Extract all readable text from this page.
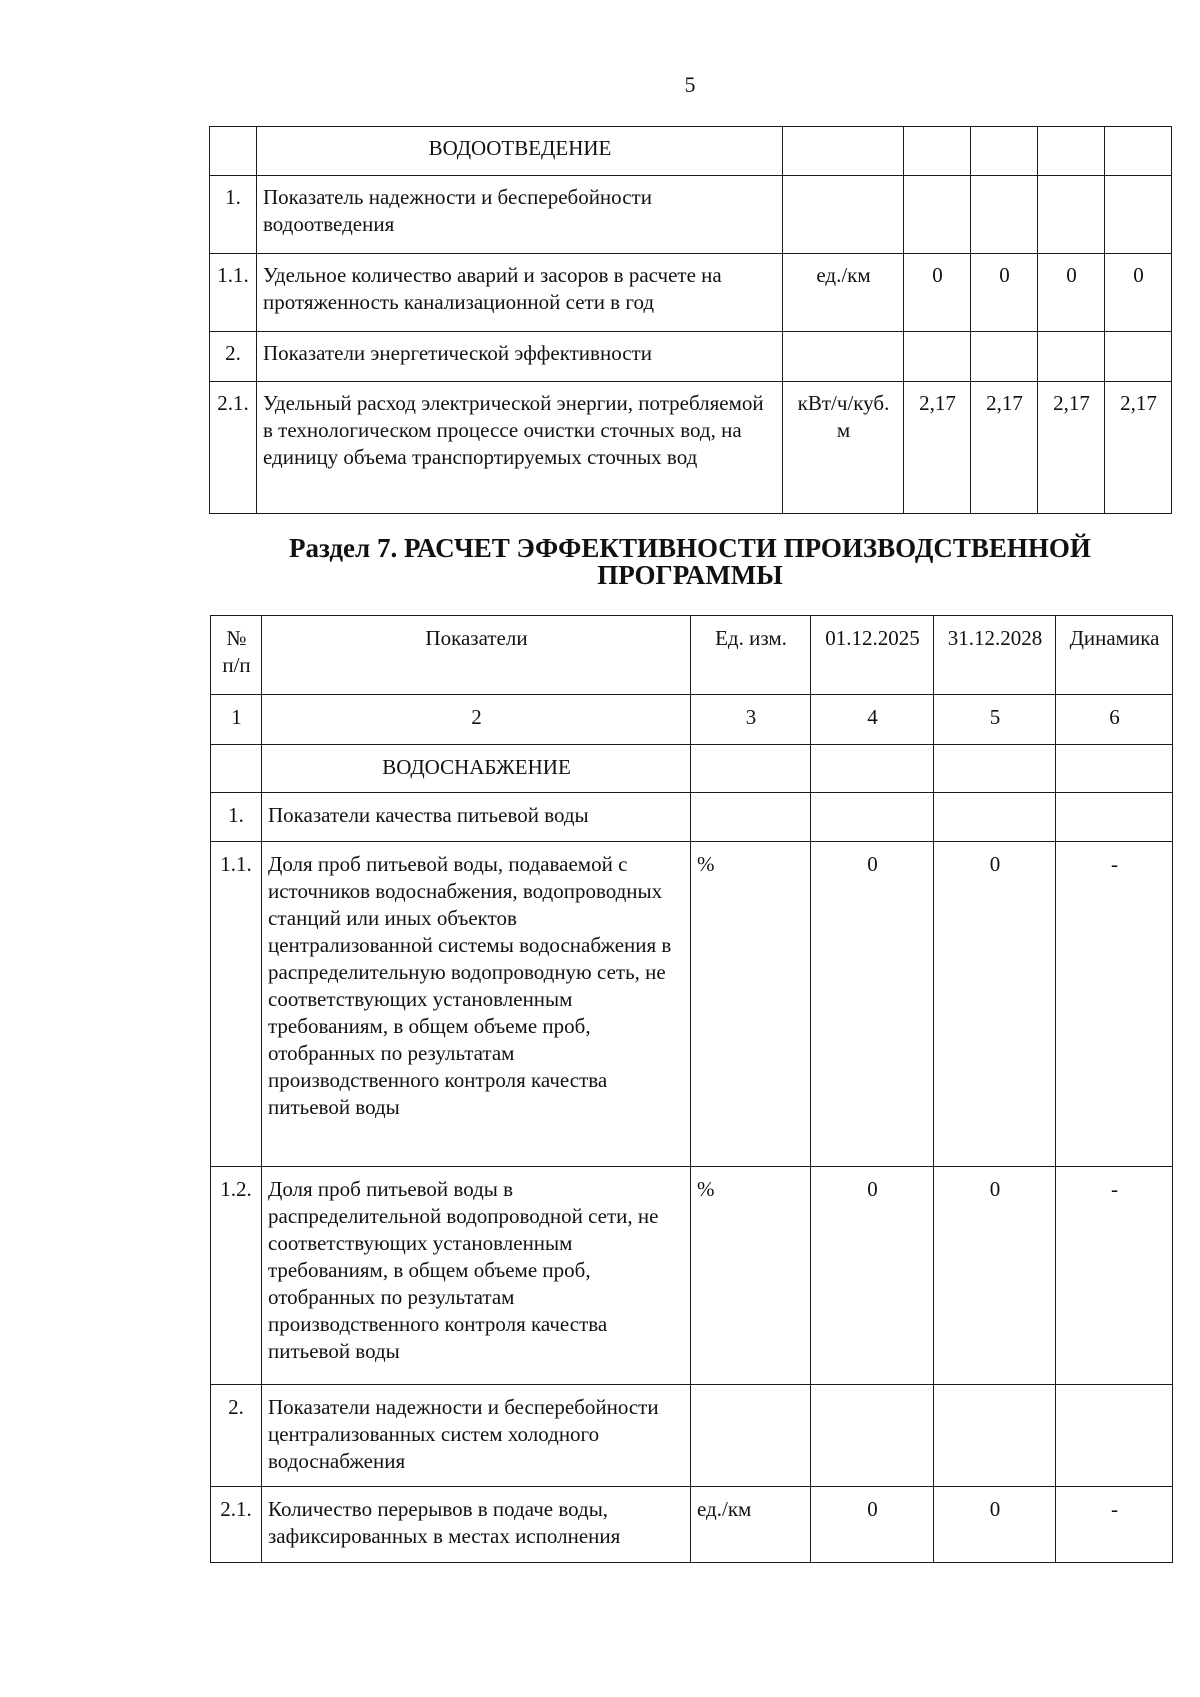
5
	ВОДООТВЕДЕНИЕ					
1.	Показатель надежности и бесперебойности водоотведения					
1.1.	Удельное количество аварий и засоров в расчете на протяженность канализационной сети в год	ед./км	0	0	0	0
2.	Показатели энергетической эффективности					
2.1.	Удельный расход электрической энергии, потребляемой в технологическом процессе очистки сточных вод, на единицу объема транспортируемых сточных вод	кВт/ч/куб. м	2,17	2,17	2,17	2,17
Раздел 7. РАСЧЕТ ЭФФЕКТИВНОСТИ ПРОИЗВОДСТВЕННОЙ ПРОГРАММЫ
№ п/п	Показатели	Ед. изм.	01.12.2025	31.12.2028	Динамика
1	2	3	4	5	6
	ВОДОСНАБЖЕНИЕ				
1.	Показатели качества питьевой воды				
1.1.	Доля проб питьевой воды, подаваемой с источников водоснабжения, водопроводных станций или иных объектов централизованной системы водоснабжения в распределительную водопроводную сеть, не соответствующих установленным требованиям, в общем объеме проб, отобранных по результатам производственного контроля качества питьевой воды	%	0	0	-
1.2.	Доля проб питьевой воды в распределительной водопроводной сети, не соответствующих установленным требованиям, в общем объеме проб, отобранных по результатам производственного контроля качества питьевой воды	%	0	0	-
2.	Показатели надежности и бесперебойности централизованных систем холодного водоснабжения				
2.1.	Количество перерывов в подаче воды, зафиксированных в местах исполнения	ед./км	0	0	-
